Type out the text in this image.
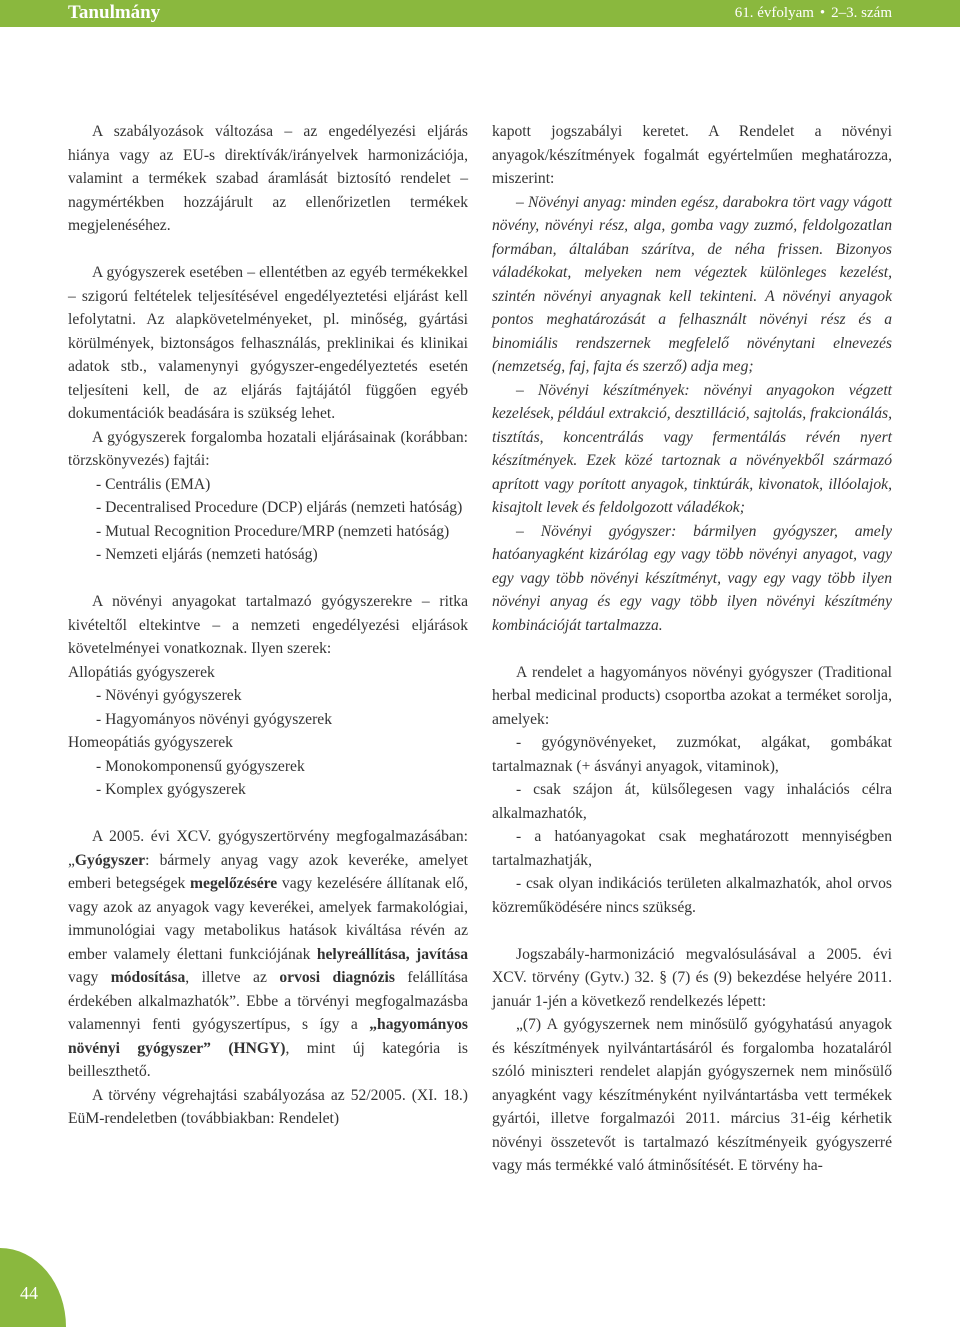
Tanulmány	61. évfolyam • 2–3. szám

A szabályozások változása – az engedélyezési eljárás hiánya vagy az EU-s direktívák/irányelvek harmonizációja, valamint a termékek szabad áramlását biztosító rendelet – nagymértékben hozzájárult az ellenőrizetlen termékek megjelenéséhez.

A gyógyszerek esetében – ellentétben az egyéb termékekkel – szigorú feltételek teljesítésével engedélyeztetési eljárást kell lefolytatni. Az alapkövetelményeket, pl. minőség, gyártási körülmények, biztonságos felhasználás, preklinikai és klinikai adatok stb., valamenynyi gyógyszer-engedélyeztetés esetén teljesíteni kell, de az eljárás fajtájától függően egyéb dokumentációk beadására is szükség lehet.

A gyógyszerek forgalomba hozatali eljárásainak (korábban: törzskönyvezés) fajtái:

- Centrális (EMA)

- Decentralised Procedure (DCP) eljárás (nemzeti hatóság)

- Mutual Recognition Procedure/MRP (nemzeti hatóság)

- Nemzeti eljárás (nemzeti hatóság)

A növényi anyagokat tartalmazó gyógyszerekre – ritka kivételtől eltekintve – a nemzeti engedélyezési eljárások követelményei vonatkoznak. Ilyen szerek:

Allopátiás gyógyszerek

- Növényi gyógyszerek

- Hagyományos növényi gyógyszerek

Homeopátiás gyógyszerek

- Monokomponensű gyógyszerek

- Komplex gyógyszerek

A 2005. évi XCV. gyógyszertörvény megfogalmazásában: „Gyógyszer: bármely anyag vagy azok keveréke, amelyet emberi betegségek megelőzésére vagy kezelésére állítanak elő, vagy azok az anyagok vagy keverékei, amelyek farmakológiai, immunológiai vagy metabolikus hatások kiváltása révén az ember valamely élettani funkciójának helyreállítása, javítása vagy módosítása, illetve az orvosi diagnózis felállítása érdekében alkalmazhatók”. Ebbe a törvényi megfogalmazásba valamennyi fenti gyógyszertípus, s így a „hagyományos növényi gyógyszer” (HNGY), mint új kategória is beilleszthető.

A törvény végrehajtási szabályozása az 52/2005. (XI. 18.) EüM-rendeletben (továbbiakban: Rendelet)

kapott jogszabályi keretet. A Rendelet a növényi anyagok/készítmények fogalmát egyértelműen meghatározza, miszerint:

– Növényi anyag: minden egész, darabokra tört vagy vágott növény, növényi rész, alga, gomba vagy zuzmó, feldolgozatlan formában, általában szárítva, de néha frissen. Bizonyos váladékokat, melyeken nem végeztek különleges kezelést, szintén növényi anyagnak kell tekinteni. A növényi anyagok pontos meghatározását a felhasznált növényi rész és a binomiális rendszernek megfelelő növénytani elnevezés (nemzetség, faj, fajta és szerző) adja meg;

– Növényi készítmények: növényi anyagokon végzett kezelések, például extrakció, desztilláció, sajtolás, frakcionálás, tisztítás, koncentrálás vagy fermentálás révén nyert készítmények. Ezek közé tartoznak a növényekből származó aprított vagy porított anyagok, tinktúrák, kivonatok, illóolajok, kisajtolt levek és feldolgozott váladékok;

– Növényi gyógyszer: bármilyen gyógyszer, amely hatóanyagként kizárólag egy vagy több növényi anyagot, vagy egy vagy több növényi készítményt, vagy egy vagy több ilyen növényi anyag és egy vagy több ilyen növényi készítmény kombinációját tartalmazza.

A rendelet a hagyományos növényi gyógyszer (Traditional herbal medicinal products) csoportba azokat a terméket sorolja, amelyek:

- gyógynövényeket, zuzmókat, algákat, gombákat tartalmaznak (+ ásványi anyagok, vitaminok),

- csak szájon át, külsőlegesen vagy inhalációs célra alkalmazhatók,

- a hatóanyagokat csak meghatározott mennyiségben tartalmazhatják,

- csak olyan indikációs területen alkalmazhatók, ahol orvos közreműködésére nincs szükség.

Jogszabály-harmonizáció megvalósulásával a 2005. évi XCV. törvény (Gytv.) 32. § (7) és (9) bekezdése helyére 2011. január 1-jén a következő rendelkezés lépett:

„(7) A gyógyszernek nem minősülő gyógyhatású anyagok és készítmények nyilvántartásáról és forgalomba hozataláról szóló miniszteri rendelet alapján gyógyszernek nem minősülő anyagként vagy készítményként nyilvántartásba vett termékek gyártói, illetve forgalmazói 2011. március 31-éig kérhetik növényi összetevőt is tartalmazó készítményeik gyógyszerré vagy más termékké való átminősítését. E törvény ha-

44
